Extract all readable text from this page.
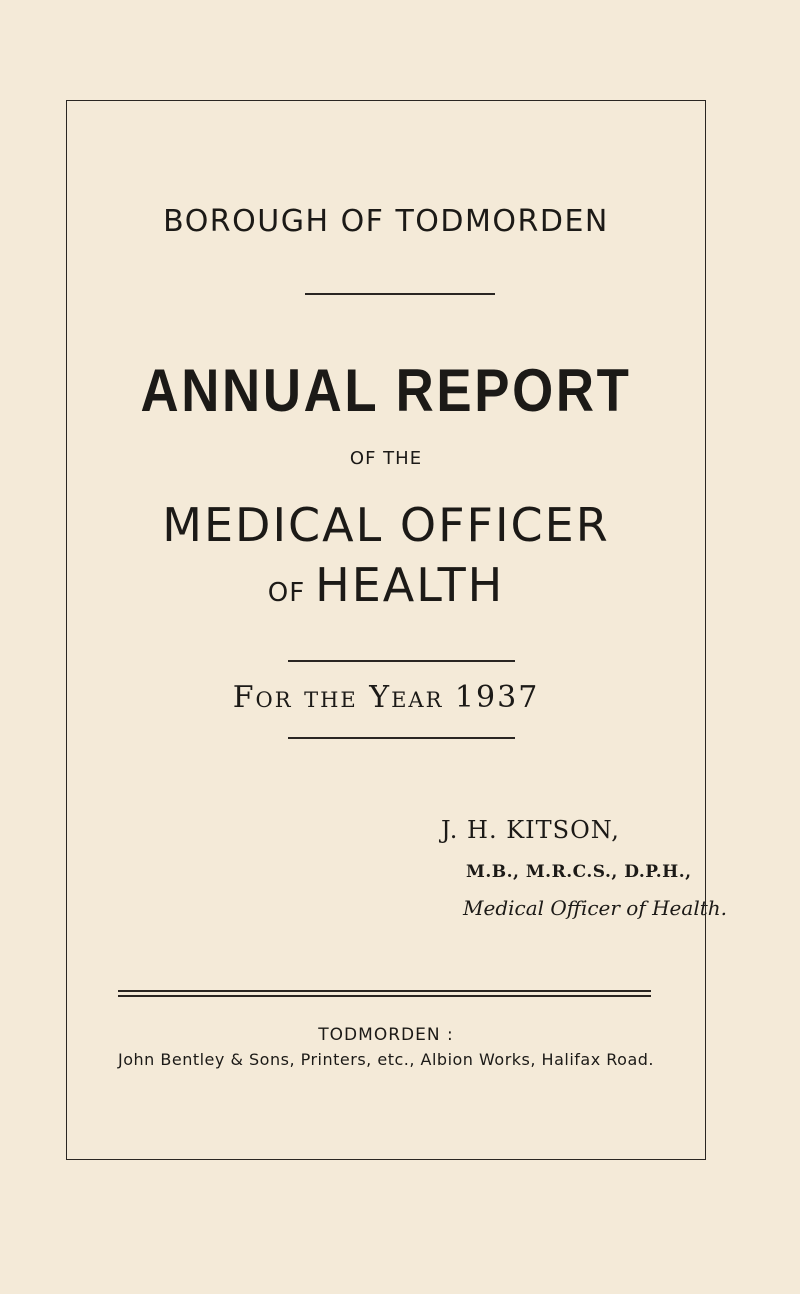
BOROUGH OF TODMORDEN
ANNUAL REPORT
OF THE
MEDICAL OFFICER
OF HEALTH
For the Year 1937
J. H. KITSON,
M.B., M.R.C.S., D.P.H.,
Medical Officer of Health.
TODMORDEN :
John Bentley & Sons, Printers, etc., Albion Works, Halifax Road.
